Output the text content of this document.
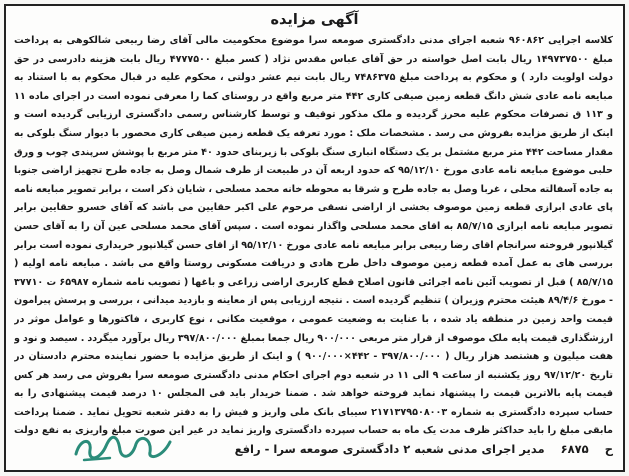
آگهی مزایده
کلاسه اجرایی ۹۶۰۸۶۲ شعبه اجرای مدنی دادگستری صومعه سرا موضوع محکومیت مالی آقای رضا ربیعی شالکوهی به پرداخت مبلغ ۱۴۹۷۳۷۵۰۰ ریال بابت اصل خواسته در حق آقای عباس مقدس نژاد ( کسر مبلغ ۴۷۷۷۵۰۰ ریال بابت هزینه دادرسی در حق دولت اولویت دارد ) و محکوم به پرداخت مبلغ ۷۴۸۶۳۷۵ ریال بابت نیم عشر دولتی ، محکوم علیه در قبال محکوم به با استناد به مبایعه نامه عادی شش دانگ قطعه زمین صیفی کاری ۴۴۲ متر مربع واقع در روستای کما را معرفی نموده است در اجرای ماده ۱۱ و ۱۱۳ ق تصرفات محکوم علیه محرز گردیده و ملک مذکور توقیف و توسط کارشناس رسمی دادگستری ارزیابی گردیده است و اینک از طریق مزایده بفروش می رسد . مشخصات ملک : مورد تعرفه یک قطعه زمین صیفی کاری محصور با دیوار سنگ بلوکی به مقدار مساحت ۴۴۲ متر مربع مشتمل بر یک دستگاه انباری سنگ بلوکی با زیربنای حدود ۴۰ متر مربع با پوشش سرپندی چوب و ورق حلبی موضوع مبایعه نامه عادی مورخ ۹۵/۱۲/۱۰ که حدود اربعه آن در طبیعت از طرف شمال وصل به جاده طرح تجهیز اراضی جنوبا به جاده آسفالته محلی ، غربا وصل به جاده طرح و شرقا به محوطه خانه محمد مسلحی ، شایان ذکر است ، برابر تصویر مبایعه نامه پای عادی ابرازی قطعه زمین موصوف بخشی از اراضی نسقی مرحوم علی اکبر حقایین می باشد که آقای خسرو حقایین برابر تصویر مبایعه نامه ابرازی ۸۵/۷/۱۵ به اقای محمد مسلحی واگذار نموده است . سپس آقای محمد مسلحی عین آن را به آقای حسن گیلانپور فروخته سرانجام اقای رضا ربیعی برابر مبایعه نامه عادی مورخ ۹۵/۱۲/۱۰ از اقای حسن گیلانپور خریداری نموده است برابر بررسی های به عمل آمده قطعه زمین موصوف داخل طرح هادی و دریافت مسکونی روستا واقع می باشد . مبایعه نامه اولیه ( ۸۵/۷/۱۵ ) قبل از تصویب آئین نامه اجرائی قانون اصلاح قطع کاربری اراضی زراعی و باغها ( تصویب نامه شماره ۶۵۹۸۷ ت ۳۷۷۱۰ - مورخ ۸۹/۴/۶ هیئت محترم وزیران ) تنظیم گردیده است . نتیجه ارزیابی پس از معاینه و بازدید میدانی ، بررسی و پرسش پیرامون قیمت واحد زمین در منطقه یاد شده ، با عنایت به وضعیت عمومی ، موقعیت مکانی ، نوع کاربری ، فاکتورها و عوامل موثر در ارزشگذاری قیمت پایه ملک موصوف از قرار متر مربعی ۹۰۰/۰۰۰ ریال جمعا بمبلغ ۳۹۷/۸۰۰/۰۰۰ ریال برآورد میگردد . سیصد و نود و هفت میلیون و هشتصد هزار ریال ( ۳۹۷/۸۰۰/۰۰۰ - ۴۴۲×۹۰۰/۰۰۰ ) و اینک از طریق مزایده با حضور نماینده محترم دادستان در تاریخ ۹۷/۱۲/۲۰ روز یکشنبه از ساعت ۹ الی ۱۱ در شعبه دوم اجرای احکام مدنی دادگستری صومعه سرا بفروش می رسد هر کس قیمت پایه بالاترین قیمت را پیشنهاد نماید فروخته خواهد شد . ضمنا خریدار باید فی المجلس ۱۰ درصد قیمت پیشنهادی را به حساب سپرده دادگستری به شماره ۲۱۷۱۳۷۹۵۰۸۰۰۳ سیبای بانک ملی واریز و فیش را به دفتر شعبه تحویل نماید . ضمنا پرداخت مابقی مبلغ را باید حداکثر ظرف مدت یک ماه به حساب سپرده دادگستری واریز نماید در غیر این صورت مبلغ واریزی به نفع دولت
ح ۶۸۷۵ مدیر اجرای مدنی شعبه ۲ دادگستری صومعه سرا - رافع
